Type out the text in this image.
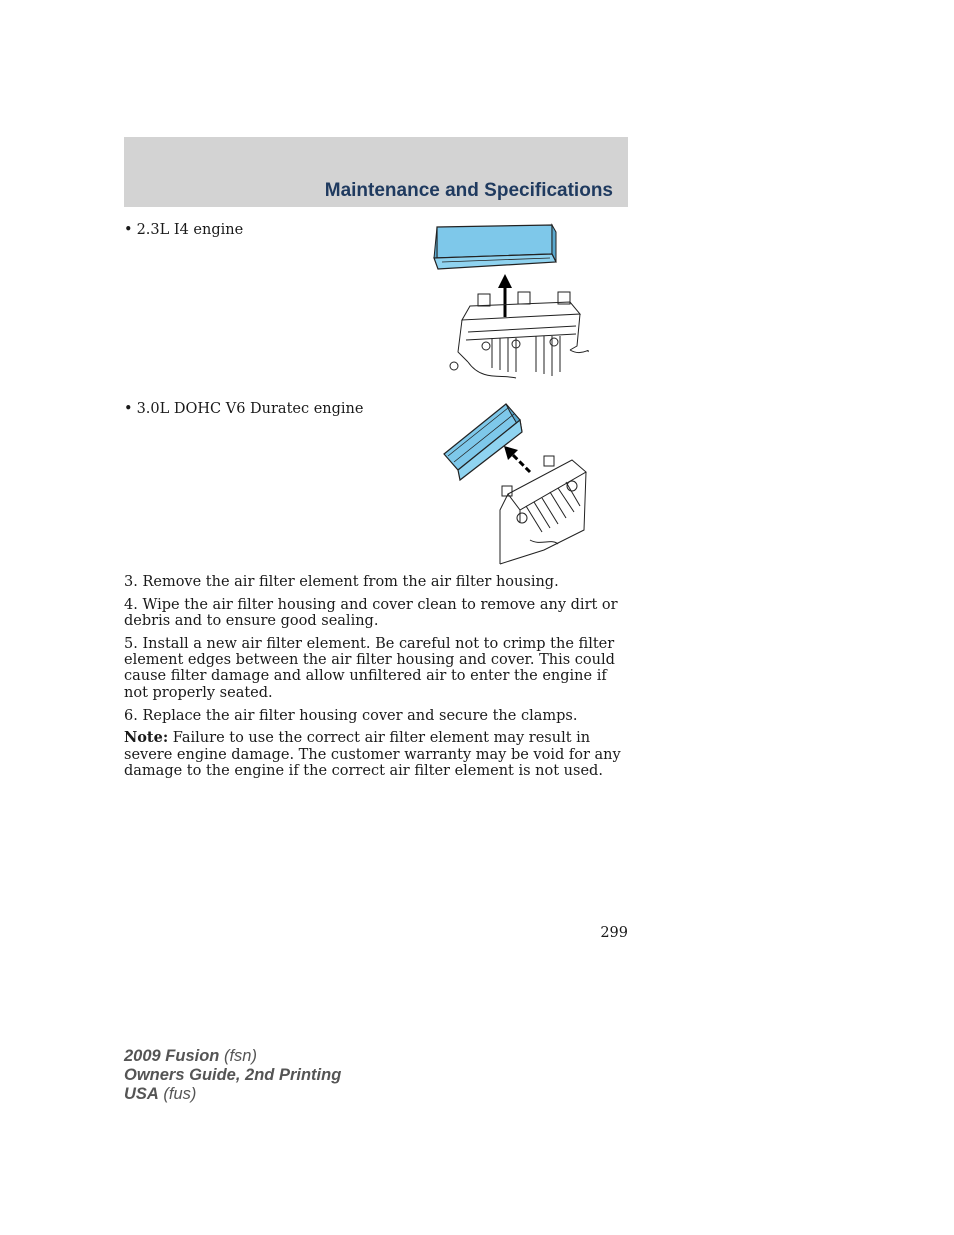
Maintenance and Specifications
• 2.3L I4 engine
• 3.0L DOHC V6 Duratec engine

3. Remove the air filter element from the air filter housing.

4. Wipe the air filter housing and cover clean to remove any dirt or debris and to ensure good sealing.

5. Install a new air filter element. Be careful not to crimp the filter element edges between the air filter housing and cover. This could cause filter damage and allow unfiltered air to enter the engine if not properly seated.

6. Replace the air filter housing cover and secure the clamps.

Note: Failure to use the correct air filter element may result in severe engine damage. The customer warranty may be void for any damage to the engine if the correct air filter element is not used.

299
2009 Fusion (fsn)
Owners Guide, 2nd Printing
USA (fus)
